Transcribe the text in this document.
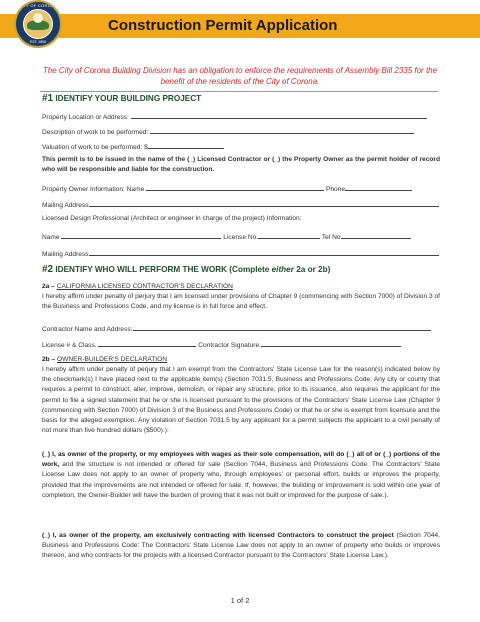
CITY OF CORONA
EST. 1896
Construction Permit Application
The City of Corona Building Division has an obligation to enforce the requirements of Assembly Bill 2335 for the benefit of the residents of the City of Corona.
#1 IDENTIFY YOUR BUILDING PROJECT
Property Location or Address:
Description of work to be performed:
Valuation of work to be performed: $
This permit is to be issued in the name of the (_) Licensed Contractor or (_) the Property Owner as the permit holder of record who will be responsible and liable for the construction.
Property Owner Information: Name	Phone
Mailing Address
Licensed Design Professional (Architect or engineer in charge of the project) Information:
Name	License No.	Tel No
Mailing Address
#2 IDENTIFY WHO WILL PERFORM THE WORK (Complete either 2a or 2b)
2a – CALIFORNIA LICENSED CONTRACTOR'S DECLARATION
I hereby affirm under penalty of perjury that I am licensed under provisions of Chapter 9 (commencing with Section 7000) of Division 3 of the Business and Professions Code, and my license is in full force and effect.
Contractor Name and Address:
License # & Class.	Contractor Signature
2b – OWNER-BUILDER'S DECLARATION
I hereby affirm under penalty of perjury that I am exempt from the Contractors' State License Law for the reason(s) indicated below by the checkmark(s) I have placed next to the applicable item(s) (Section 7031.5, Business and Professions Code: Any city or county that requires a permit to construct, alter, improve, demolish, or repair any structure, prior to its issuance, also requires the applicant for the permit to file a signed statement that he or she is licensed pursuant to the provisions of the Contractors' State License Law (Chapter 9 (commencing with Section 7000) of Division 3 of the Business and Professions Code) or that he or she is exempt from licensure and the basis for the alleged exemption. Any violation of Section 7031.5 by any applicant for a permit subjects the applicant to a civil penalty of not more than five hundred dollars ($500).):
(_) I, as owner of the property, or my employees with wages as their sole compensation, will do (_) all of or (_) portions of the work, and the structure is not intended or offered for sale (Section 7044, Business and Professions Code: The Contractors' State License Law does not apply to an owner of property who, through employees' or personal effort, builds or improves the property, provided that the improvements are not intended or offered for sale. If, however, the building or improvement is sold within one year of completion, the Owner-Builder will have the burden of proving that it was not built or improved for the purpose of sale.).
(_) I, as owner of the property, am exclusively contracting with licensed Contractors to construct the project (Section 7044, Business and Professions Code: The Contractors' State License Law does not apply to an owner of property who builds or improves thereon, and who contracts for the projects with a licensed Contractor pursuant to the Contractors' State License Law.).
1 of 2
